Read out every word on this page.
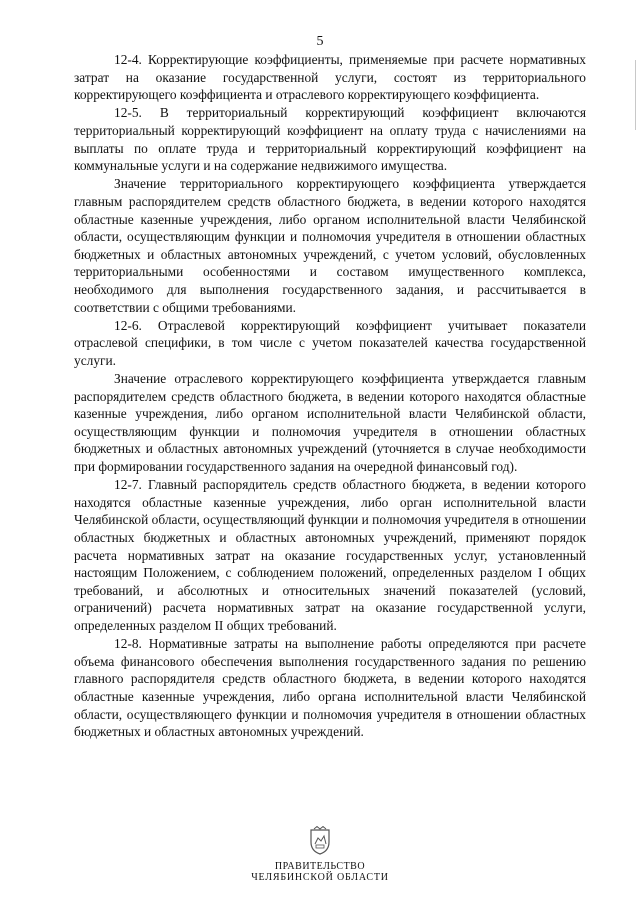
5

12-4. Корректирующие коэффициенты, применяемые при расчете нормативных затрат на оказание государственной услуги, состоят из территориального корректирующего коэффициента и отраслевого корректирующего коэффициента.

12-5. В территориальный корректирующий коэффициент включаются территориальный корректирующий коэффициент на оплату труда с начислениями на выплаты по оплате труда и территориальный корректирующий коэффициент на коммунальные услуги и на содержание недвижимого имущества.

Значение территориального корректирующего коэффициента утверждается главным распорядителем средств областного бюджета, в ведении которого находятся областные казенные учреждения, либо органом исполнительной власти Челябинской области, осуществляющим функции и полномочия учредителя в отношении областных бюджетных и областных автономных учреждений, с учетом условий, обусловленных территориальными особенностями и составом имущественного комплекса, необходимого для выполнения государственного задания, и рассчитывается в соответствии с общими требованиями.

12-6. Отраслевой корректирующий коэффициент учитывает показатели отраслевой специфики, в том числе с учетом показателей качества государственной услуги.

Значение отраслевого корректирующего коэффициента утверждается главным распорядителем средств областного бюджета, в ведении которого находятся областные казенные учреждения, либо органом исполнительной власти Челябинской области, осуществляющим функции и полномочия учредителя в отношении областных бюджетных и областных автономных учреждений (уточняется в случае необходимости при формировании государственного задания на очередной финансовый год).

12-7. Главный распорядитель средств областного бюджета, в ведении которого находятся областные казенные учреждения, либо орган исполнительной власти Челябинской области, осуществляющий функции и полномочия учредителя в отношении областных бюджетных и областных автономных учреждений, применяют порядок расчета нормативных затрат на оказание государственных услуг, установленный настоящим Положением, с соблюдением положений, определенных разделом I общих требований, и абсолютных и относительных значений показателей (условий, ограничений) расчета нормативных затрат на оказание государственной услуги, определенных разделом II общих требований.

12-8. Нормативные затраты на выполнение работы определяются при расчете объема финансового обеспечения выполнения государственного задания по решению главного распорядителя средств областного бюджета, в ведении которого находятся областные казенные учреждения, либо органа исполнительной власти Челябинской области, осуществляющего функции и полномочия учредителя в отношении областных бюджетных и областных автономных учреждений.

ПРАВИТЕЛЬСТВО
ЧЕЛЯБИНСКОЙ ОБЛАСТИ
